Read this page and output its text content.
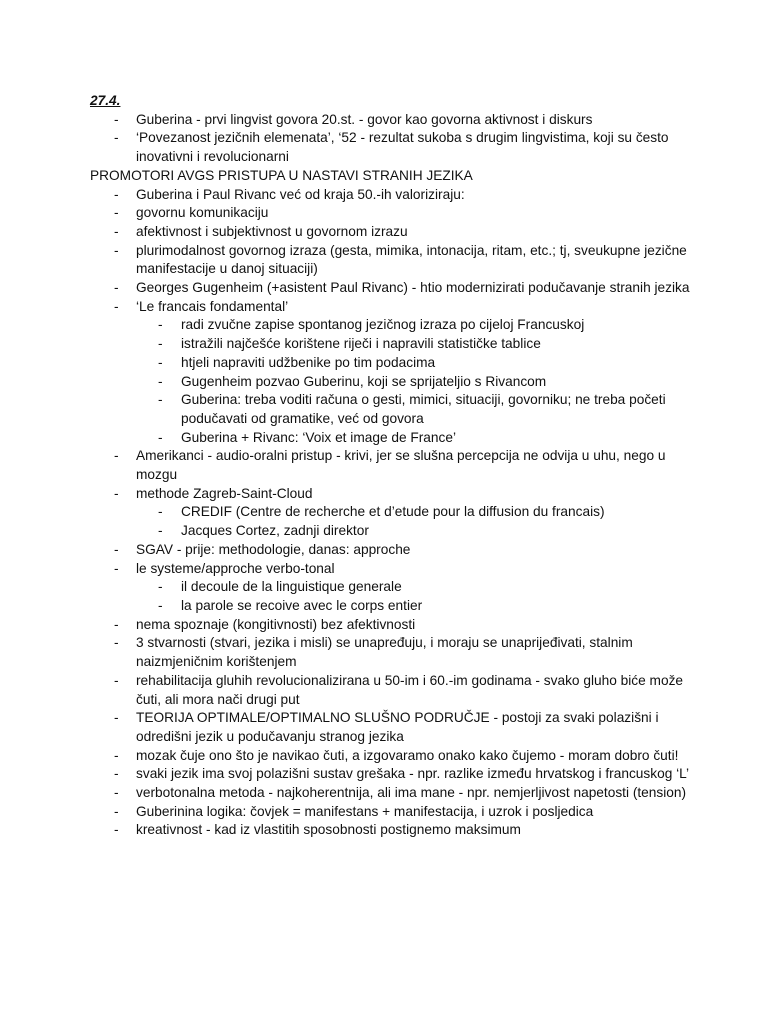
27.4.
- Guberina - prvi lingvist govora 20.st. - govor kao govorna aktivnost i diskurs
- ‘Povezanost jezičnih elemenata’, ‘52 - rezultat sukoba s drugim lingvistima, koji su često inovativni i revolucionarni
PROMOTORI AVGS PRISTUPA U NASTAVI STRANIH JEZIKA
- Guberina i Paul Rivanc već od kraja 50.-ih valoriziraju:
- govornu komunikaciju
- afektivnost i subjektivnost u govornom izrazu
- plurimodalnost govornog izraza (gesta, mimika, intonacija, ritam, etc.; tj, sveukupne jezične manifestacije u danoj situaciji)
- Georges Gugenheim (+asistent Paul Rivanc) - htio modernizirati podučavanje stranih jezika
- ‘Le francais fondamental’
- radi zvučne zapise spontanog jezičnog izraza po cijeloj Francuskoj
- istražili najčešće korištene riječi i napravili statističke tablice
- htjeli napraviti udžbenike po tim podacima
- Gugenheim pozvao Guberinu, koji se sprijateljio s Rivancom
- Guberina: treba voditi računa o gesti, mimici, situaciji, govorniku; ne treba početi podučavati od gramatike, već od govora
- Guberina + Rivanc: ‘Voix et image de France’
- Amerikanci - audio-oralni pristup - krivi, jer se slušna percepcija ne odvija u uhu, nego u mozgu
- methode Zagreb-Saint-Cloud
- CREDIF (Centre de recherche et d’etude pour la diffusion du francais)
- Jacques Cortez, zadnji direktor
- SGAV - prije: methodologie, danas: approche
- le systeme/approche verbo-tonal
- il decoule de la linguistique generale
- la parole se recoive avec le corps entier
- nema spoznaje (kongitivnosti) bez afektivnosti
- 3 stvarnosti (stvari, jezika i misli) se unapređuju, i moraju se unaprijeđivati, stalnim naizmjeničnim korištenjem
- rehabilitacija gluhih revolucionalizirana u 50-im i 60.-im godinama - svako gluho biće može čuti, ali mora nači drugi put
- TEORIJA OPTIMALE/OPTIMALNO SLUŠNO PODRUČJE - postoji za svaki polazišni i odredišni jezik u podučavanju stranog jezika
- mozak čuje ono što je navikao čuti, a izgovaramo onako kako čujemo - moram dobro čuti!
- svaki jezik ima svoj polazišni sustav grešaka - npr. razlike između hrvatskog i francuskog ‘L’
- verbotonalna metoda - najkoherentnija, ali ima mane - npr. nemjerljivost napetosti (tension)
- Guberinina logika: čovjek = manifestans + manifestacija, i uzrok i posljedica
- kreativnost - kad iz vlastitih sposobnosti postignemo maksimum
